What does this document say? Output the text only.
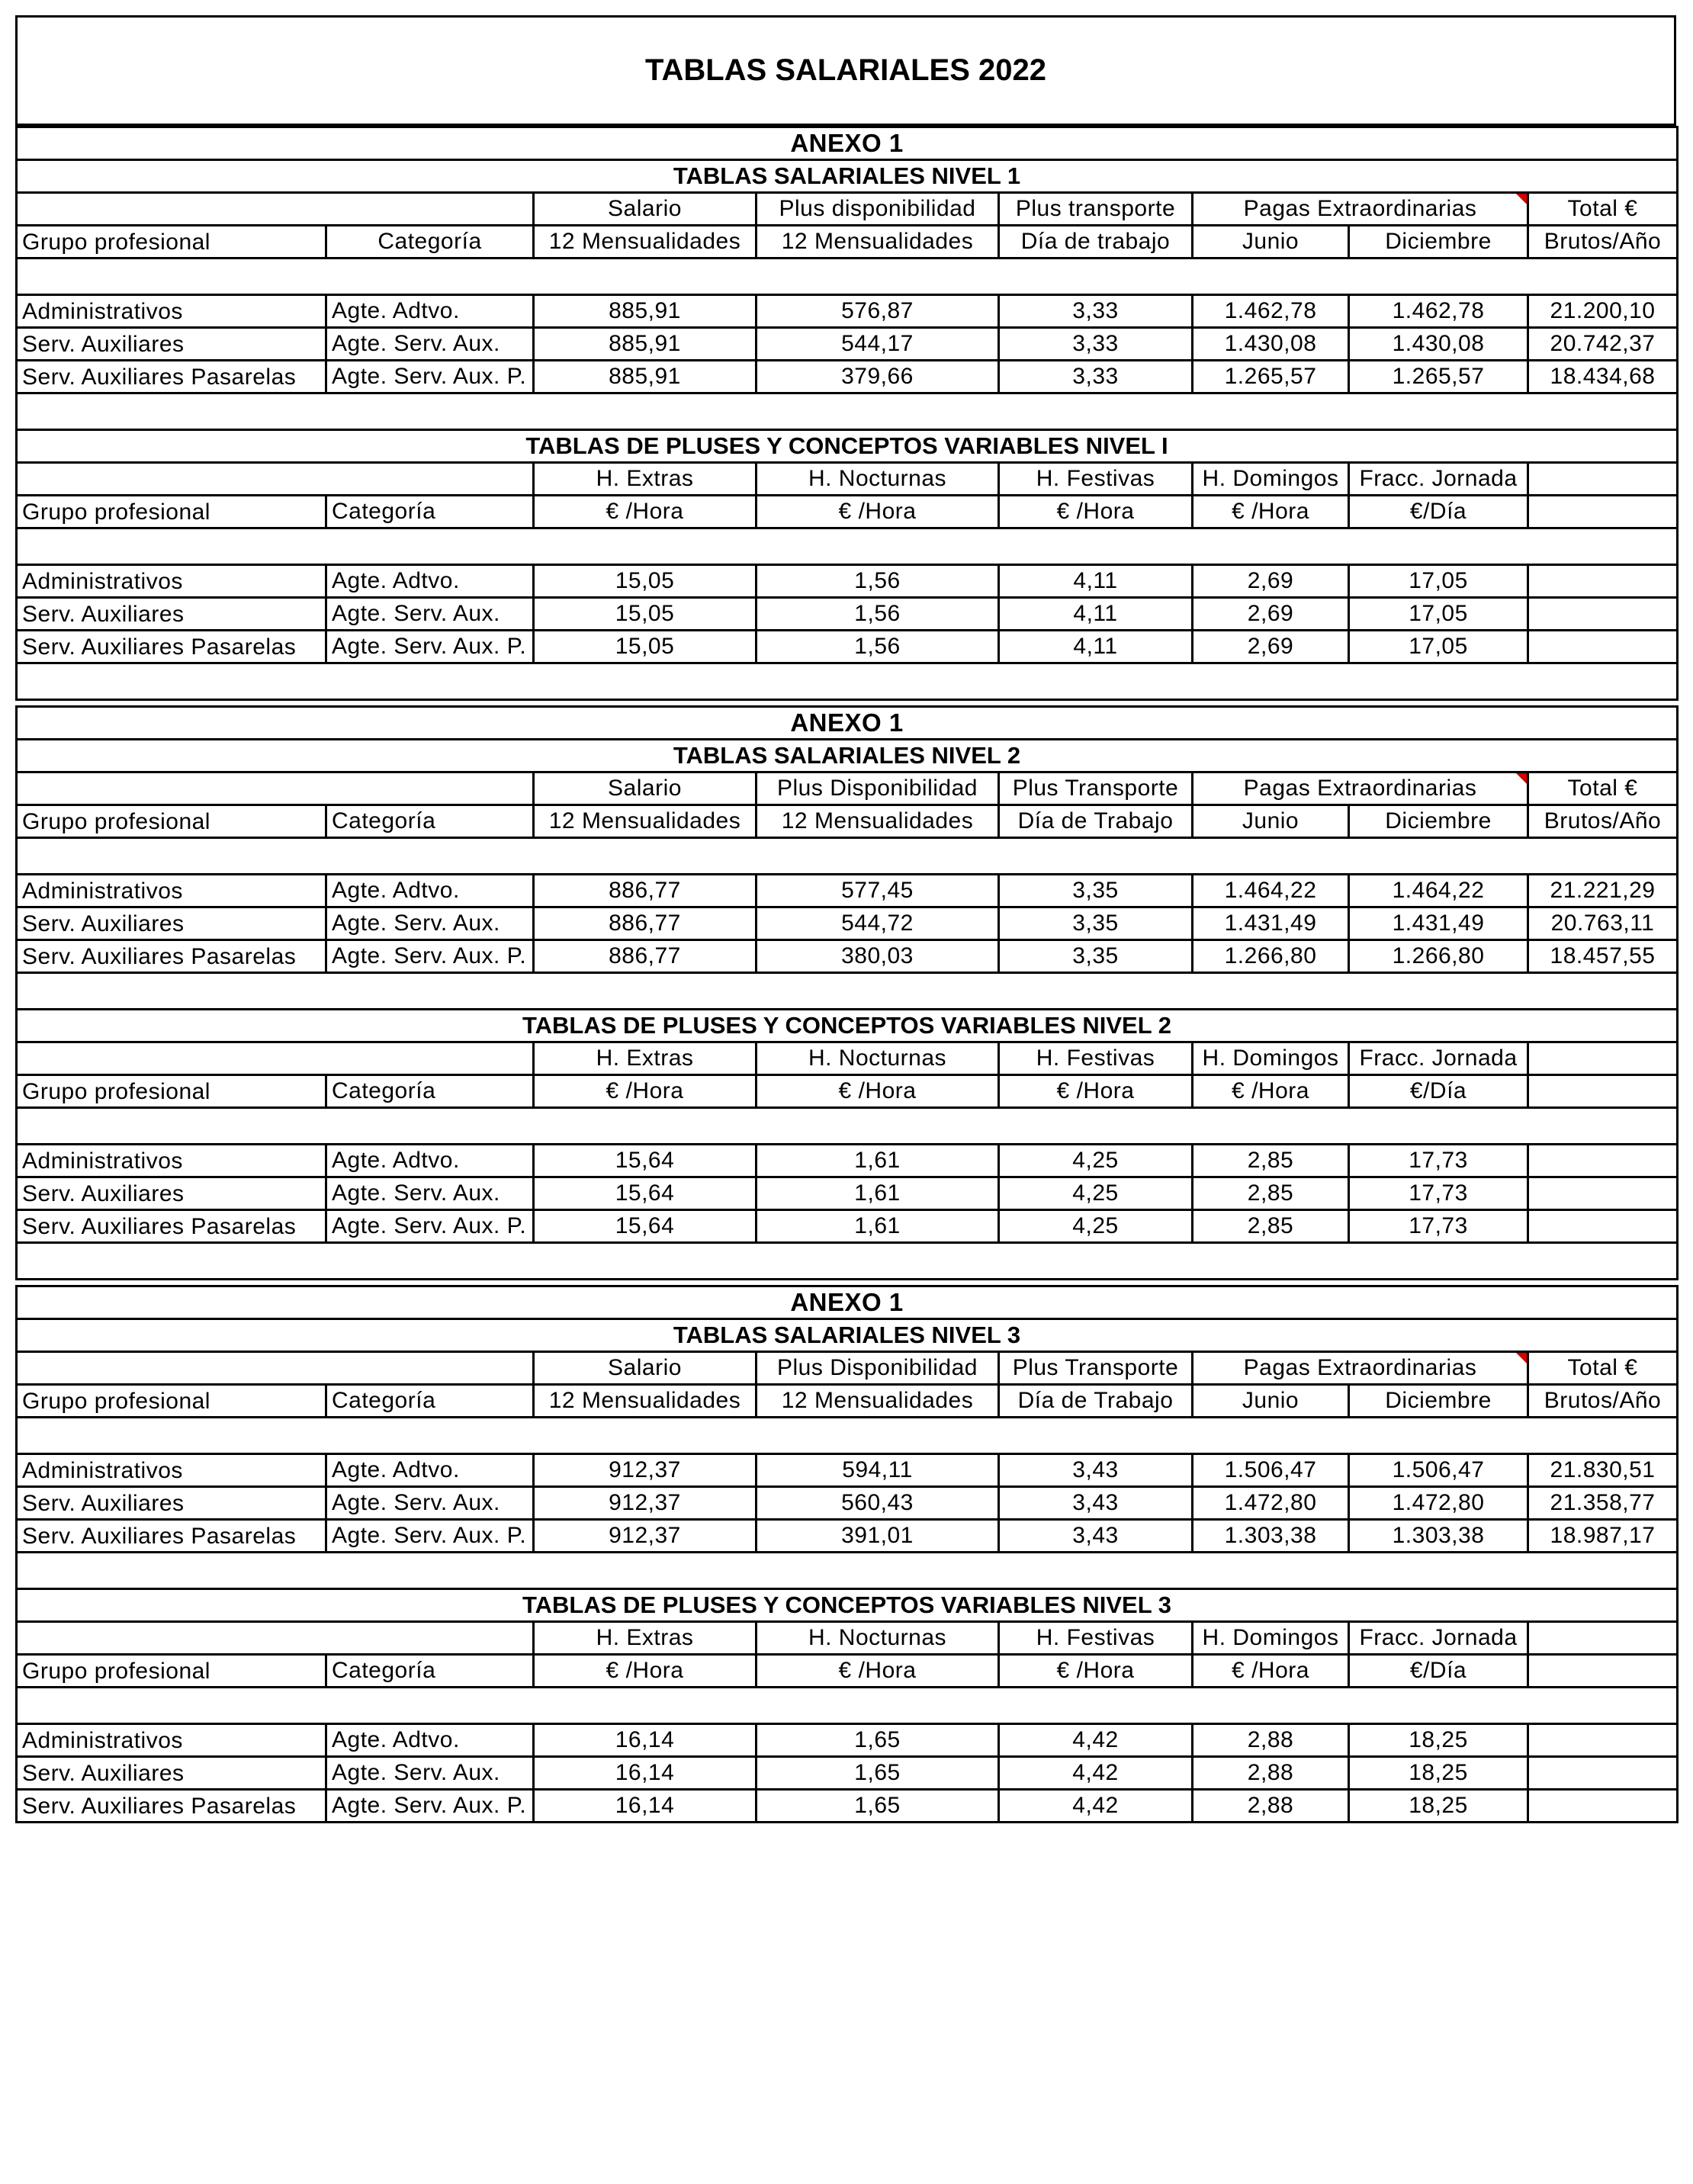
TABLAS SALARIALES 2022
ANEXO 1							
TABLAS SALARIALES NIVEL 1							
		Salario	Plus disponibilidad	Plus transporte	Pagas Extraordinarias		Total €
Grupo profesional	Categoría	12 Mensualidades	12 Mensualidades	Día de trabajo	Junio	Diciembre	Brutos/Año

Administrativos	Agte. Adtvo.	885,91	576,87	3,33	1.462,78	1.462,78	21.200,10
Serv. Auxiliares	Agte. Serv. Aux.	885,91	544,17	3,33	1.430,08	1.430,08	20.742,37
Serv. Auxiliares Pasarelas	Agte. Serv. Aux. P.	885,91	379,66	3,33	1.265,57	1.265,57	18.434,68

TABLAS DE PLUSES Y CONCEPTOS VARIABLES NIVEL I							
		H. Extras	H. Nocturnas	H. Festivas	H. Domingos	Fracc. Jornada	
Grupo profesional	Categoría	€ /Hora	€ /Hora	€ /Hora	€ /Hora	€/Día	

Administrativos	Agte. Adtvo.	15,05	1,56	4,11	2,69	17,05	
Serv. Auxiliares	Agte. Serv. Aux.	15,05	1,56	4,11	2,69	17,05	
Serv. Auxiliares Pasarelas	Agte. Serv. Aux. P.	15,05	1,56	4,11	2,69	17,05	

ANEXO 1							
TABLAS SALARIALES NIVEL 2							
		Salario	Plus Disponibilidad	Plus Transporte	Pagas Extraordinarias		Total €
Grupo profesional	Categoría	12 Mensualidades	12 Mensualidades	Día de Trabajo	Junio	Diciembre	Brutos/Año

Administrativos	Agte. Adtvo.	886,77	577,45	3,35	1.464,22	1.464,22	21.221,29
Serv. Auxiliares	Agte. Serv. Aux.	886,77	544,72	3,35	1.431,49	1.431,49	20.763,11
Serv. Auxiliares Pasarelas	Agte. Serv. Aux. P.	886,77	380,03	3,35	1.266,80	1.266,80	18.457,55

TABLAS DE PLUSES Y CONCEPTOS VARIABLES NIVEL 2							
		H. Extras	H. Nocturnas	H. Festivas	H. Domingos	Fracc. Jornada	
Grupo profesional	Categoría	€ /Hora	€ /Hora	€ /Hora	€ /Hora	€/Día	

Administrativos	Agte. Adtvo.	15,64	1,61	4,25	2,85	17,73	
Serv. Auxiliares	Agte. Serv. Aux.	15,64	1,61	4,25	2,85	17,73	
Serv. Auxiliares Pasarelas	Agte. Serv. Aux. P.	15,64	1,61	4,25	2,85	17,73	

ANEXO 1							
TABLAS SALARIALES NIVEL 3							
		Salario	Plus Disponibilidad	Plus Transporte	Pagas Extraordinarias		Total €
Grupo profesional	Categoría	12 Mensualidades	12 Mensualidades	Día de Trabajo	Junio	Diciembre	Brutos/Año

Administrativos	Agte. Adtvo.	912,37	594,11	3,43	1.506,47	1.506,47	21.830,51
Serv. Auxiliares	Agte. Serv. Aux.	912,37	560,43	3,43	1.472,80	1.472,80	21.358,77
Serv. Auxiliares Pasarelas	Agte. Serv. Aux. P.	912,37	391,01	3,43	1.303,38	1.303,38	18.987,17

TABLAS DE PLUSES Y CONCEPTOS VARIABLES NIVEL 3							
		H. Extras	H. Nocturnas	H. Festivas	H. Domingos	Fracc. Jornada	
Grupo profesional	Categoría	€ /Hora	€ /Hora	€ /Hora	€ /Hora	€/Día	

Administrativos	Agte. Adtvo.	16,14	1,65	4,42	2,88	18,25	
Serv. Auxiliares	Agte. Serv. Aux.	16,14	1,65	4,42	2,88	18,25	
Serv. Auxiliares Pasarelas	Agte. Serv. Aux. P.	16,14	1,65	4,42	2,88	18,25	
